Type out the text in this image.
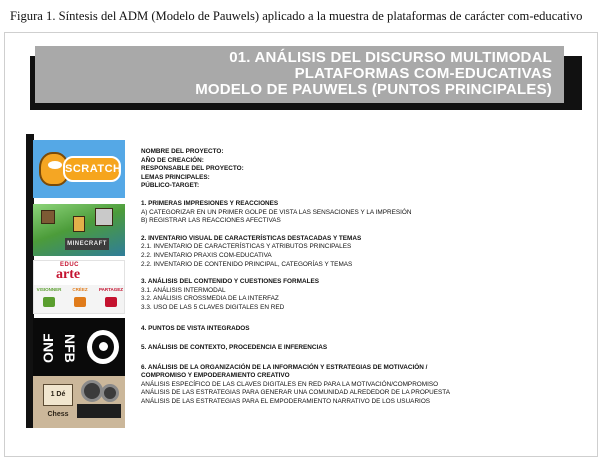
Figura 1. Síntesis del ADM (Modelo de Pauwels) aplicado a la muestra de plataformas de carácter com-educativo
01. ANÁLISIS DEL DISCURSO MULTIMODAL
PLATAFORMAS COM-EDUCATIVAS
MODELO DE PAUWELS (PUNTOS PRINCIPALES)
SCRATCH
MINECRAFT
EDUC
arte
VISIONNER	CRÉEZ	PARTAGEZ
ONF NFB
1 Dé Chess
NOMBRE DEL PROYECTO:
AÑO DE CREACIÓN:
RESPONSABLE DEL PROYECTO:
LEMAS PRINCIPALES:
PÚBLICO-TARGET:
1. PRIMERAS IMPRESIONES Y REACCIONES
A) CATEGORIZAR EN UN PRIMER GOLPE DE VISTA LAS SENSACIONES Y LA IMPRESIÓN
B) REGISTRAR LAS REACCIONES AFECTIVAS
2. INVENTARIO VISUAL DE CARACTERÍSTICAS DESTACADAS Y TEMAS
2.1. INVENTARIO DE CARACTERÍSTICAS Y ATRIBUTOS PRINCIPALES
2.2. INVENTARIO PRAXIS COM-EDUCATIVA
2.2. INVENTARIO DE CONTENIDO PRINCIPAL, CATEGORÍAS Y TEMAS
3. ANÁLISIS DEL CONTENIDO Y CUESTIONES FORMALES
3.1. ANÁLISIS INTERMODAL
3.2. ANÁLISIS CROSSMEDIA DE LA INTERFAZ
3.3. USO DE LAS 5 CLAVES DIGITALES EN RED
4. PUNTOS DE VISTA INTEGRADOS
5. ANÁLISIS DE CONTEXTO, PROCEDENCIA E INFERENCIAS
6. ANÁLISIS DE LA ORGANIZACIÓN DE LA INFORMACIÓN Y ESTRATEGIAS DE MOTIVACIÓN / COMPROMISO Y EMPODERAMIENTO CREATIVO
ANÁLISIS ESPECÍFICO DE LAS CLAVES DIGITALES EN RED PARA LA MOTIVACIÓN/COMPROMISO
ANÁLISIS DE LAS ESTRATEGIAS PARA GENERAR UNA COMUNIDAD ALREDEDOR DE LA PROPUESTA
ANÁLISIS DE LAS ESTRATEGIAS PARA EL EMPODERAMIENTO NARRATIVO DE LOS USUARIOS
